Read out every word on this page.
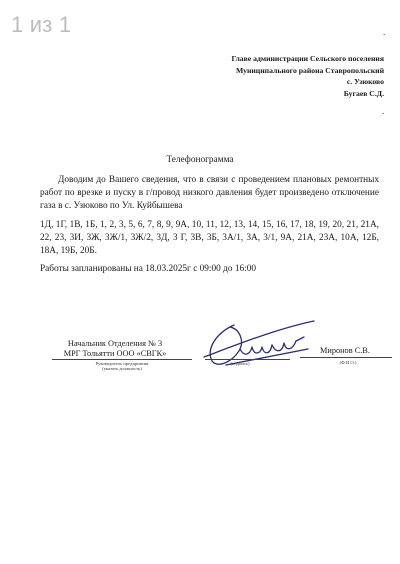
1 из 1	.
Главе администрации Сельского поселения
Муниципального района Ставропольский
с. Узюково
Бугаев С.Д.
.
Телефонограмма
Доводим до Вашего сведения, что в связи с проведением плановых ремонтных работ по врезке и пуску в г/провод низкого давления будет произведено отключение газа в с. Узюково по Ул. Куйбышева
1Д, 1Г, 1В, 1Б, 1, 2, 3, 5, 6, 7, 8, 9, 9А, 10, 11, 12, 13, 14, 15, 16, 17, 18, 19, 20, 21, 21А, 22, 23, 3И, 3Ж, 3Ж/1, 3Ж/2, 3Д, 3 Г, 3В, 3Б, 3А/1, 3А, 3/1, 9А, 21А, 23А, 10А, 12Б, 18А, 19Б, 20Б.
Работы запланированы на 18.03.2025г с 09:00 до 16:00
Начальник Отделения № 3
МРГ Тольятти ООО «СВГК»
Руководитель предприятия
(указать должность)
(подпись)
Миронов С.В.
(Ф.И.О.)
